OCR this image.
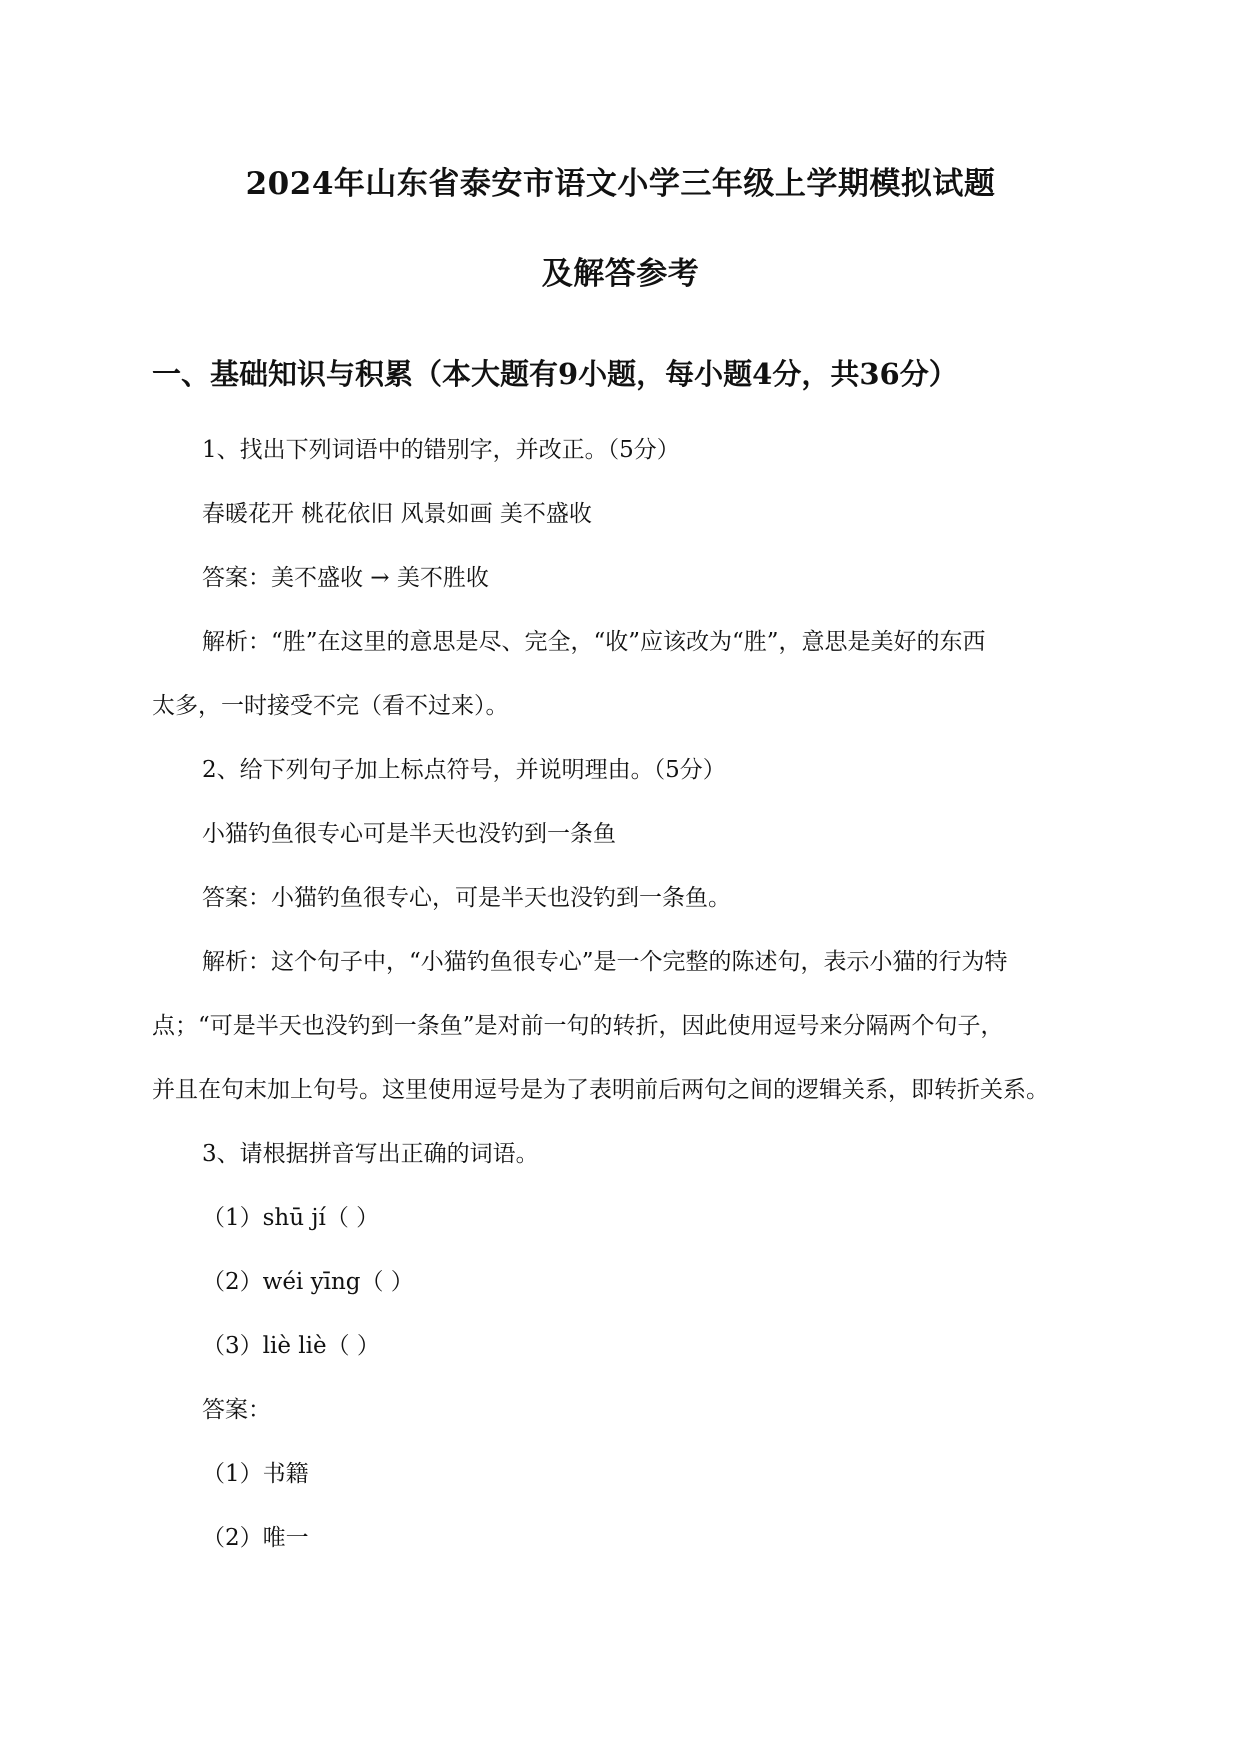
2024年山东省泰安市语文小学三年级上学期模拟试题
及解答参考
一、基础知识与积累（本大题有9小题，每小题4分，共36分）
1、找出下列词语中的错别字，并改正。（5分）
春暖花开 桃花依旧 风景如画 美不盛收
答案：美不盛收 → 美不胜收
解析：“胜”在这里的意思是尽、完全，“收”应该改为“胜”，意思是美好的东西
太多，一时接受不完（看不过来）。
2、给下列句子加上标点符号，并说明理由。（5分）
小猫钓鱼很专心可是半天也没钓到一条鱼
答案：小猫钓鱼很专心，可是半天也没钓到一条鱼。
解析：这个句子中，“小猫钓鱼很专心”是一个完整的陈述句，表示小猫的行为特
点；“可是半天也没钓到一条鱼”是对前一句的转折，因此使用逗号来分隔两个句子，
并且在句末加上句号。这里使用逗号是为了表明前后两句之间的逻辑关系，即转折关系。
3、请根据拼音写出正确的词语。
（1）shū jí（ ）
（2）wéi yīng（ ）
（3）liè liè（ ）
答案：
（1）书籍
（2）唯一
